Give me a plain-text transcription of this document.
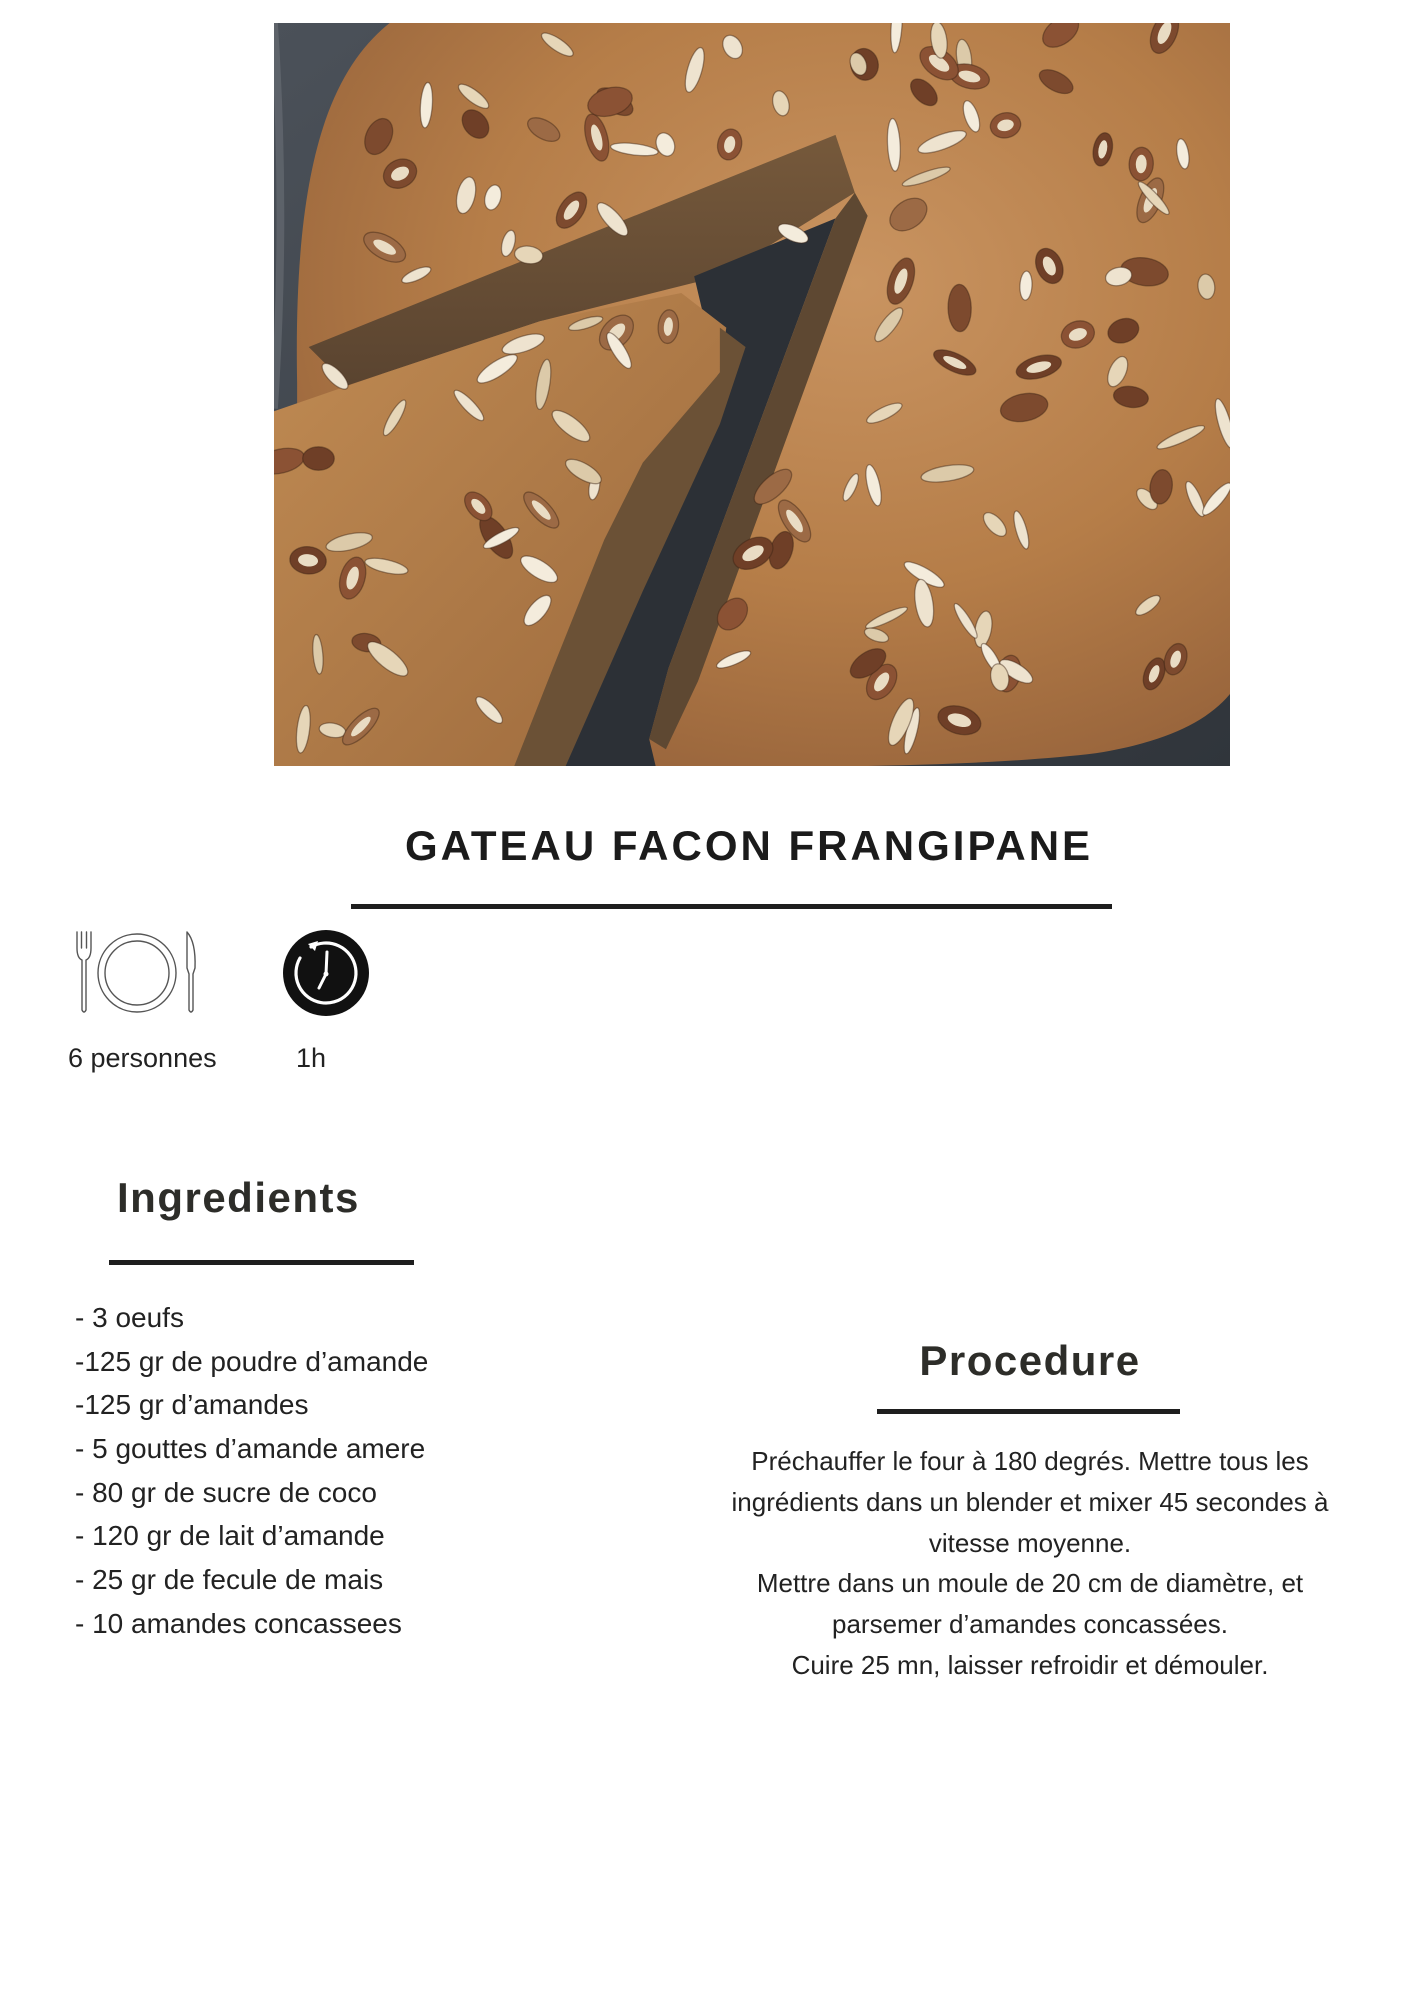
GATEAU FACON FRANGIPANE
6 personnes	1h
Ingredients
- 3 oeufs
-125 gr de poudre d’amande
-125 gr d’amandes
- 5 gouttes d’amande amere
- 80 gr de sucre de coco
- 120 gr de lait d’amande
- 25 gr de fecule de mais
- 10 amandes concassees
Procedure
Préchauffer le four à 180 degrés. Mettre tous les
ingrédients dans un blender et mixer 45 secondes à
vitesse moyenne.
Mettre dans un moule de 20 cm de diamètre, et
parsemer d’amandes concassées.
Cuire 25 mn, laisser refroidir et démouler.
